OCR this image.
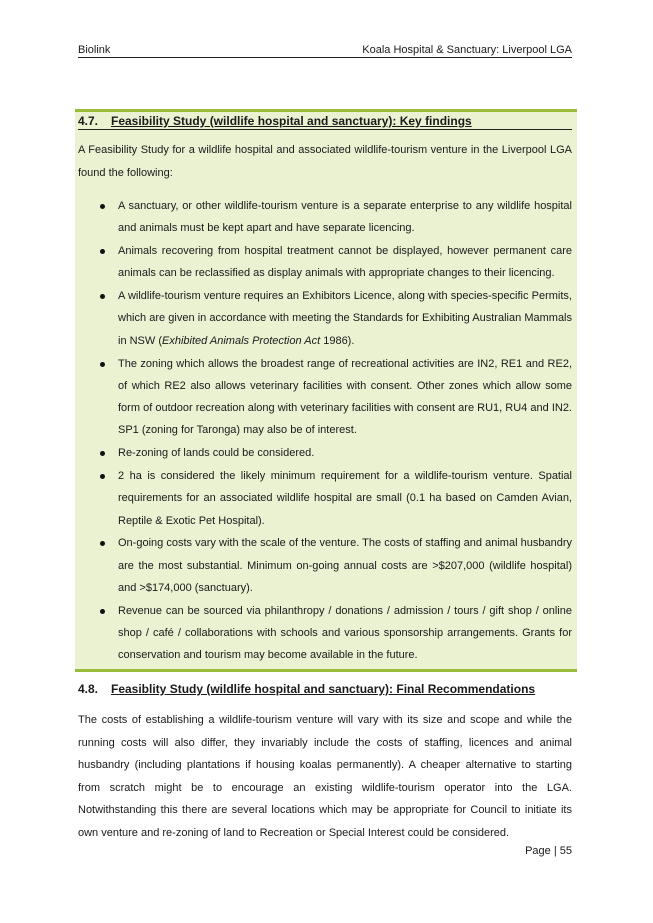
Biolink	Koala Hospital & Sanctuary: Liverpool LGA
4.7. Feasibility Study (wildlife hospital and sanctuary): Key findings
A Feasibility Study for a wildlife hospital and associated wildlife-tourism venture in the Liverpool LGA found the following:
A sanctuary, or other wildlife-tourism venture is a separate enterprise to any wildlife hospital and animals must be kept apart and have separate licencing.
Animals recovering from hospital treatment cannot be displayed, however permanent care animals can be reclassified as display animals with appropriate changes to their licencing.
A wildlife-tourism venture requires an Exhibitors Licence, along with species-specific Permits, which are given in accordance with meeting the Standards for Exhibiting Australian Mammals in NSW (Exhibited Animals Protection Act 1986).
The zoning which allows the broadest range of recreational activities are IN2, RE1 and RE2, of which RE2 also allows veterinary facilities with consent. Other zones which allow some form of outdoor recreation along with veterinary facilities with consent are RU1, RU4 and IN2. SP1 (zoning for Taronga) may also be of interest.
Re-zoning of lands could be considered.
2 ha is considered the likely minimum requirement for a wildlife-tourism venture. Spatial requirements for an associated wildlife hospital are small (0.1 ha based on Camden Avian, Reptile & Exotic Pet Hospital).
On-going costs vary with the scale of the venture. The costs of staffing and animal husbandry are the most substantial. Minimum on-going annual costs are >$207,000 (wildlife hospital) and >$174,000 (sanctuary).
Revenue can be sourced via philanthropy / donations / admission / tours / gift shop / online shop / café / collaborations with schools and various sponsorship arrangements. Grants for conservation and tourism may become available in the future.
4.8. Feasiblity Study (wildlife hospital and sanctuary): Final Recommendations
The costs of establishing a wildlife-tourism venture will vary with its size and scope and while the running costs will also differ, they invariably include the costs of staffing, licences and animal husbandry (including plantations if housing koalas permanently). A cheaper alternative to starting from scratch might be to encourage an existing wildlife-tourism operator into the LGA. Notwithstanding this there are several locations which may be appropriate for Council to initiate its own venture and re-zoning of land to Recreation or Special Interest could be considered.
Page | 55
